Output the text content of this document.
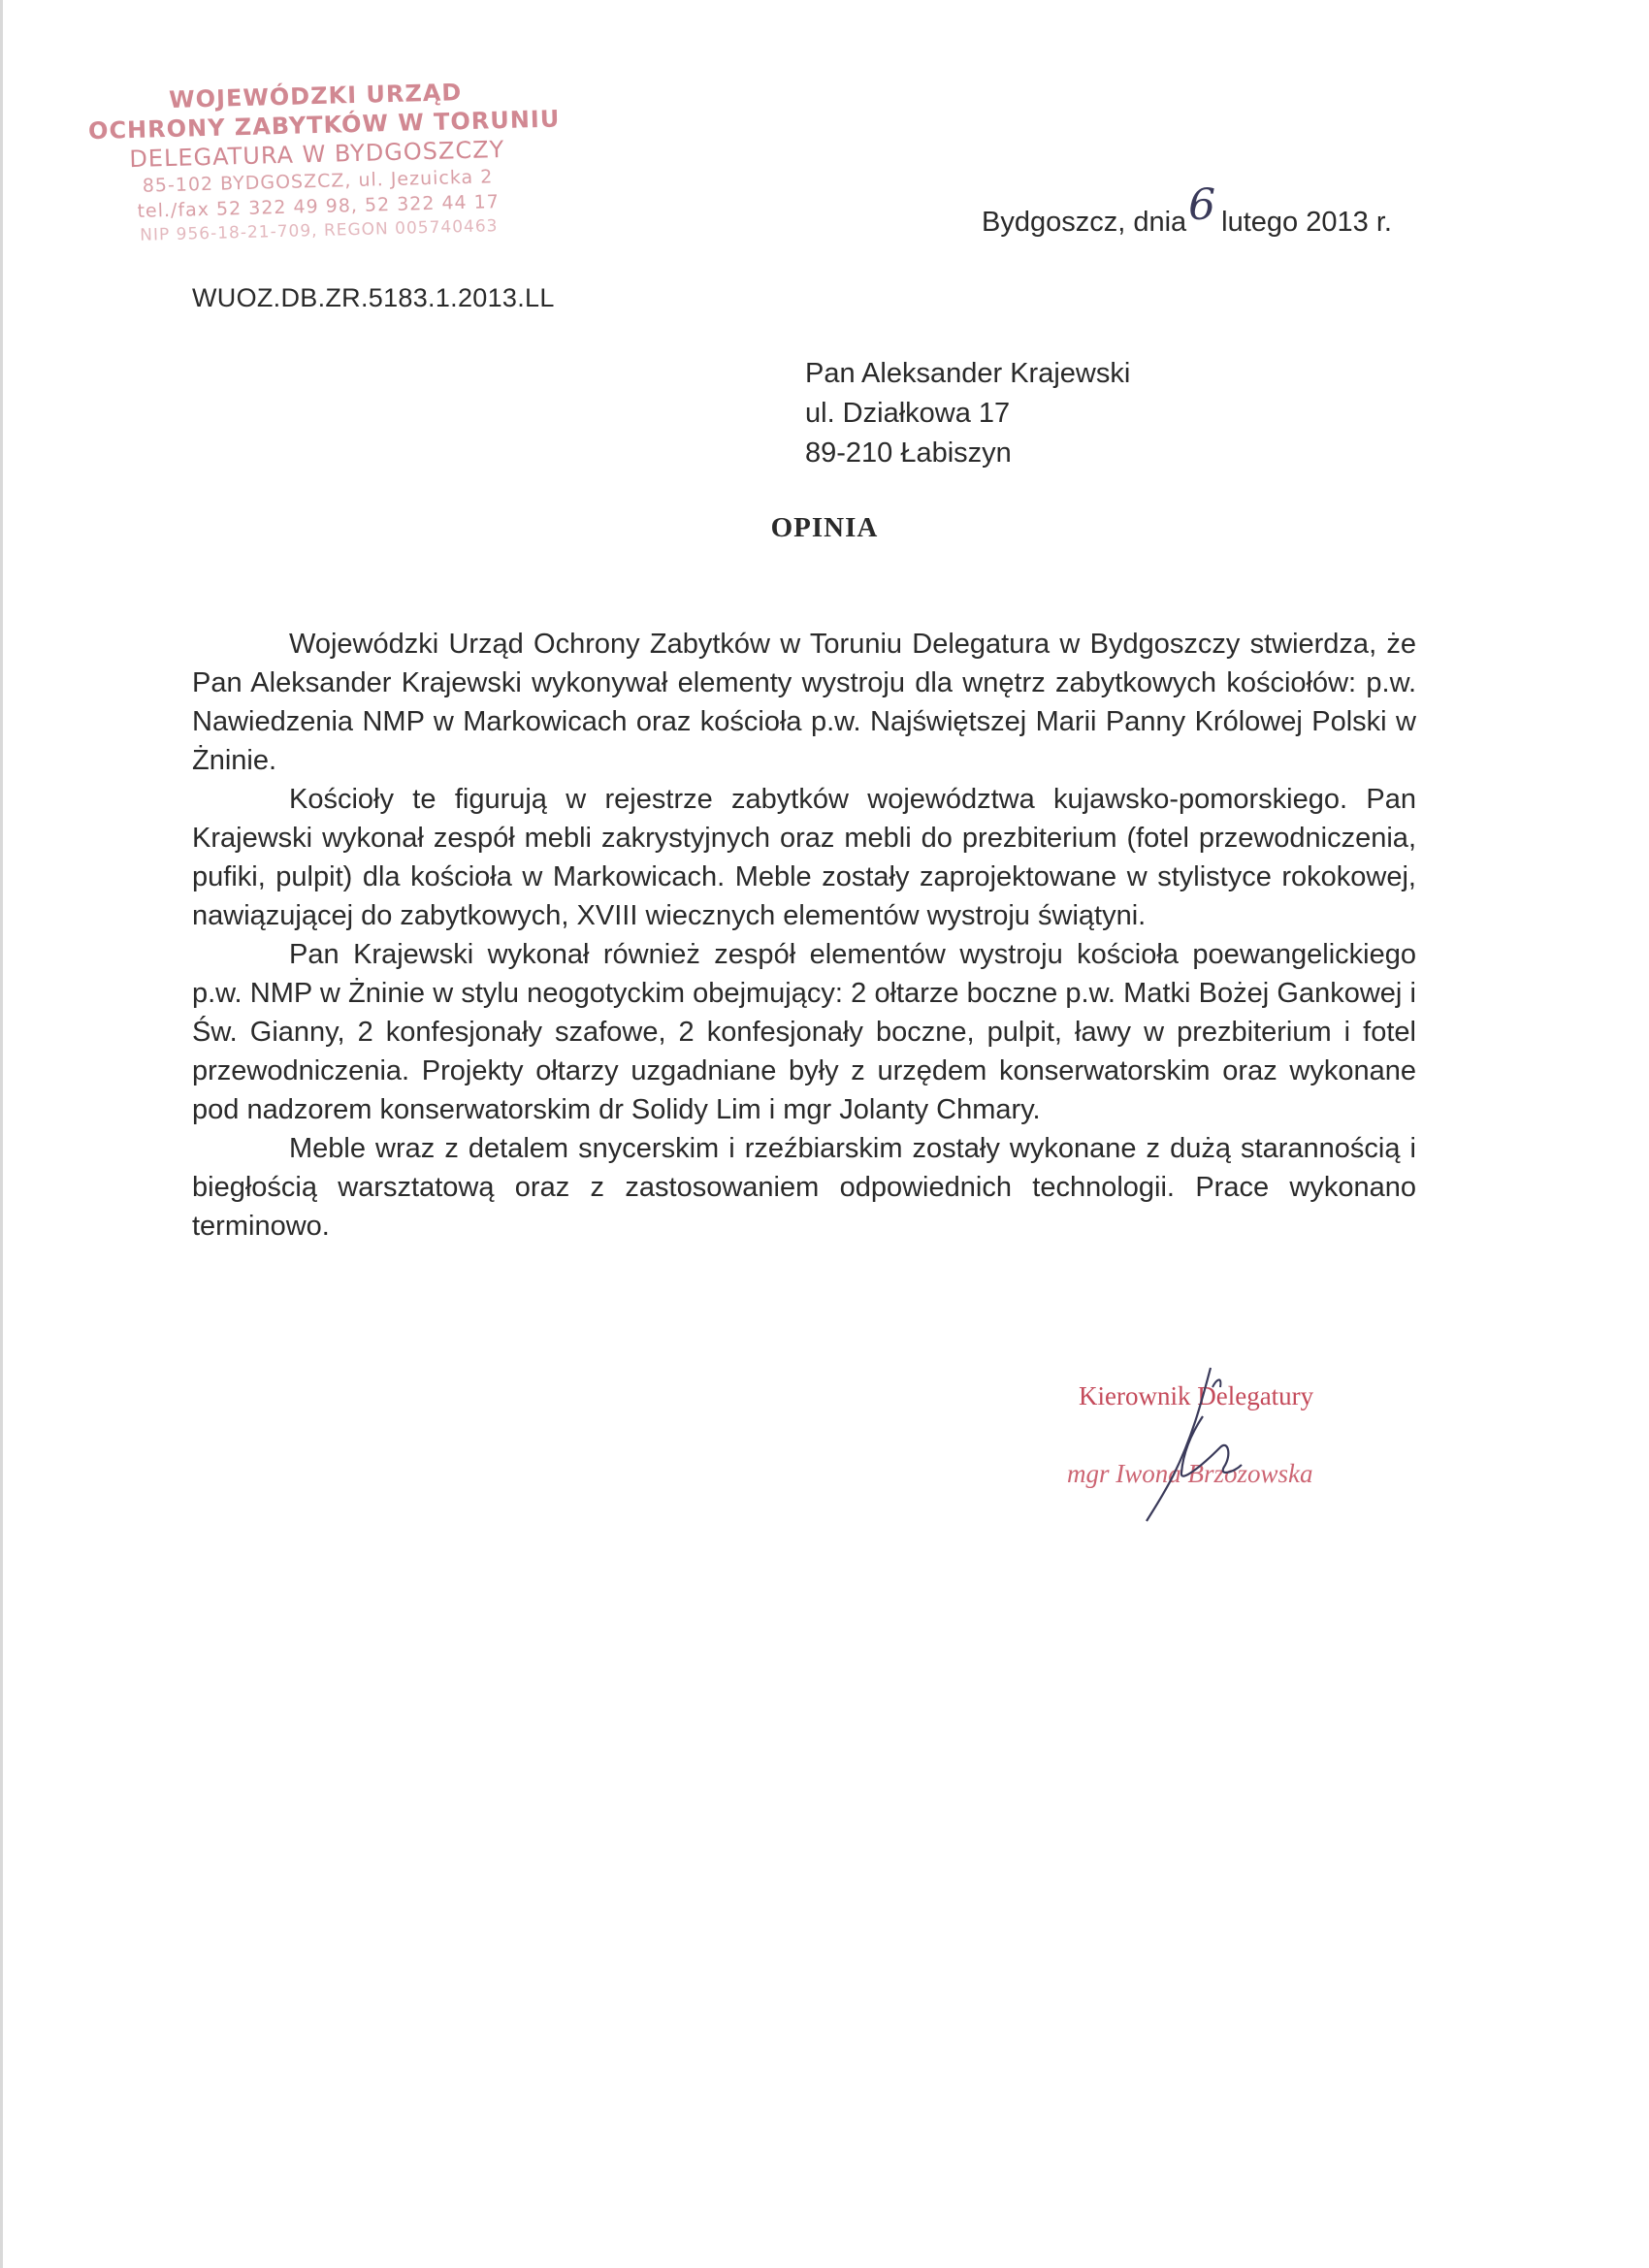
WOJEWÓDZKI URZĄD
OCHRONY ZABYTKÓW W TORUNIU
DELEGATURA W BYDGOSZCZY
85-102 BYDGOSZCZ, ul. Jezuicka 2
tel./fax 52 322 49 98, 52 322 44 17
NIP 956-18-21-709, REGON 005740463	Bydgoszcz, dnia6 lutego 2013 r.
WUOZ.DB.ZR.5183.1.2013.LL
Pan Aleksander Krajewski
ul. Działkowa 17
89-210 Łabiszyn
OPINIA

Wojewódzki Urząd Ochrony Zabytków w Toruniu Delegatura w Bydgoszczy stwierdza, że Pan Aleksander Krajewski wykonywał elementy wystroju dla wnętrz zabytkowych kościołów: p.w. Nawiedzenia NMP w Markowicach oraz kościoła p.w. Najświętszej Marii Panny Królowej Polski w Żninie.

Kościoły te figurują w rejestrze zabytków województwa kujawsko-pomorskiego. Pan Krajewski wykonał zespół mebli zakrystyjnych oraz mebli do prezbiterium (fotel przewodniczenia, pufiki, pulpit) dla kościoła w Markowicach. Meble zostały zaprojektowane w stylistyce rokokowej, nawiązującej do zabytkowych, XVIII wiecznych elementów wystroju świątyni.

Pan Krajewski wykonał również zespół elementów wystroju kościoła poewangelickiego p.w. NMP w Żninie w stylu neogotyckim obejmujący: 2 ołtarze boczne p.w. Matki Bożej Gankowej i Św. Gianny, 2 konfesjonały szafowe, 2 konfesjonały boczne, pulpit, ławy w prezbiterium i fotel przewodniczenia. Projekty ołtarzy uzgadniane były z urzędem konserwatorskim oraz wykonane pod nadzorem konserwatorskim dr Solidy Lim i mgr Jolanty Chmary.

Meble wraz z detalem snycerskim i rzeźbiarskim zostały wykonane z dużą starannością i biegłością warsztatową oraz z zastosowaniem odpowiednich technologii. Prace wykonano terminowo.

Kierownik Delegatury
mgr Iwona Brzozowska
